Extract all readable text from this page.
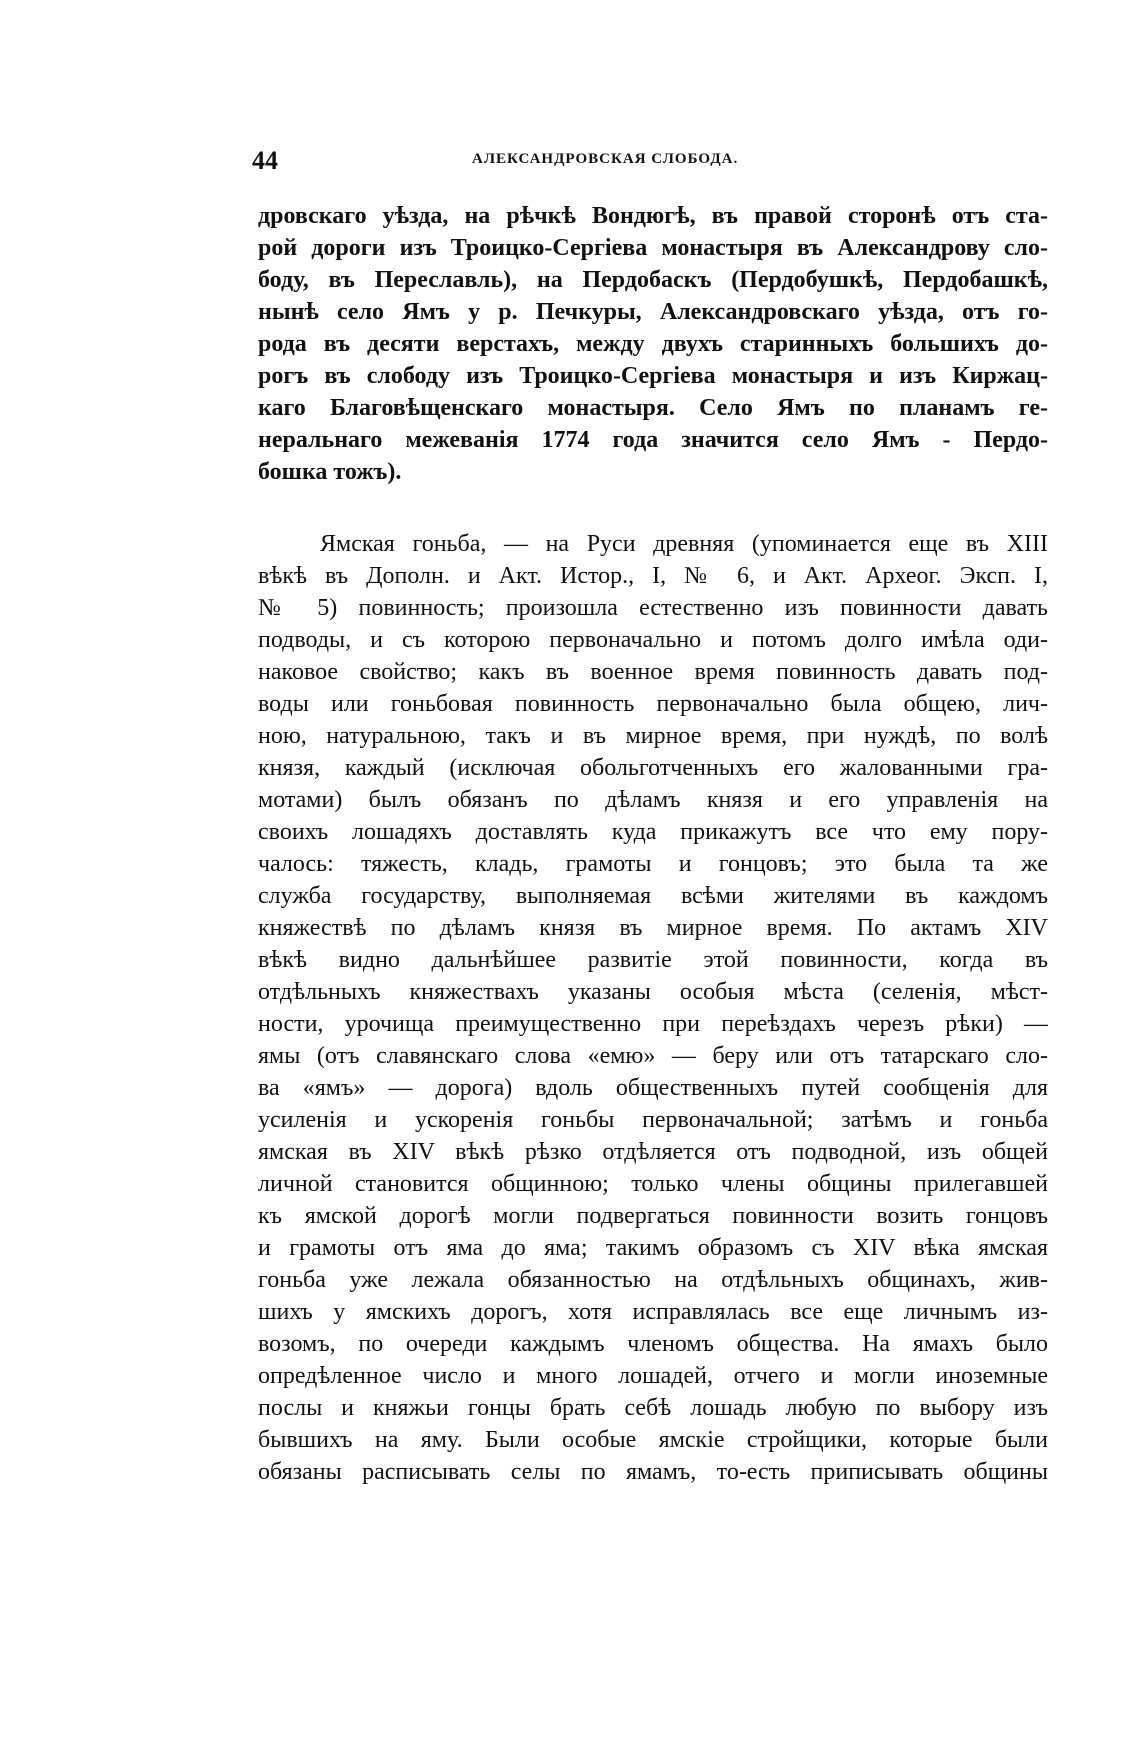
44	АЛЕКСАНДРОВСКАЯ СЛОБОДА.
дровскаго уѣзда, на рѣчкѣ Вондюгѣ, въ правой сторонѣ отъ ста-
рой дороги изъ Троицко-Сергіева монастыря въ Александрову сло-
боду, въ Переславль), на Пердобаскъ (Пердобушкѣ, Пердобашкѣ,
нынѣ село Ямъ у р. Печкуры, Александровскаго уѣзда, отъ го-
рода въ десяти верстахъ, между двухъ старинныхъ большихъ до-
рогъ въ слободу изъ Троицко-Сергіева монастыря и изъ Киржац-
каго Благовѣщенскаго монастыря. Село Ямъ по планамъ ге-
неральнаго межеванія 1774 года значится село Ямъ - Пердо-
бошка тожъ).
Ямская гоньба, — на Руси древняя (упоминается еще въ XIII
вѣкѣ въ Дополн. и Акт. Истор., I, № 6, и Акт. Археог. Эксп. I,
№ 5) повинность; произошла естественно изъ повинности давать
подводы, и съ которою первоначально и потомъ долго имѣла оди-
наковое свойство; какъ въ военное время повинность давать под-
воды или гоньбовая повинность первоначально была общею, лич-
ною, натуральною, такъ и въ мирное время, при нуждѣ, по волѣ
князя, каждый (исключая обольготченныхъ его жалованными гра-
мотами) былъ обязанъ по дѣламъ князя и его управленія на
своихъ лошадяхъ доставлять куда прикажутъ все что ему пору-
чалось: тяжесть, кладь, грамоты и гонцовъ; это была та же
служба государству, выполняемая всѣми жителями въ каждомъ
княжествѣ по дѣламъ князя въ мирное время. По актамъ XIV
вѣкѣ видно дальнѣйшее развитіе этой повинности, когда въ
отдѣльныхъ княжествахъ указаны особыя мѣста (селенія, мѣст-
ности, урочища преимущественно при переѣздахъ черезъ рѣки) —
ямы (отъ славянскаго слова «емю» — беру или отъ татарскаго сло-
ва «ямъ» — дорога) вдоль общественныхъ путей сообщенія для
усиленія и ускоренія гоньбы первоначальной; затѣмъ и гоньба
ямская въ XIV вѣкѣ рѣзко отдѣляется отъ подводной, изъ общей
личной становится общинною; только члены общины прилегавшей
къ ямской дорогѣ могли подвергаться повинности возить гонцовъ
и грамоты отъ яма до яма; такимъ образомъ съ XIV вѣка ямская
гоньба уже лежала обязанностью на отдѣльныхъ общинахъ, жив-
шихъ у ямскихъ дорогъ, хотя исправлялась все еще личнымъ из-
возомъ, по очереди каждымъ членомъ общества. На ямахъ было
опредѣленное число и много лошадей, отчего и могли иноземные
послы и княжьи гонцы брать себѣ лошадь любую по выбору изъ
бывшихъ на яму. Были особые ямскіе стройщики, которые были
обязаны расписывать селы по ямамъ, то-есть приписывать общины
